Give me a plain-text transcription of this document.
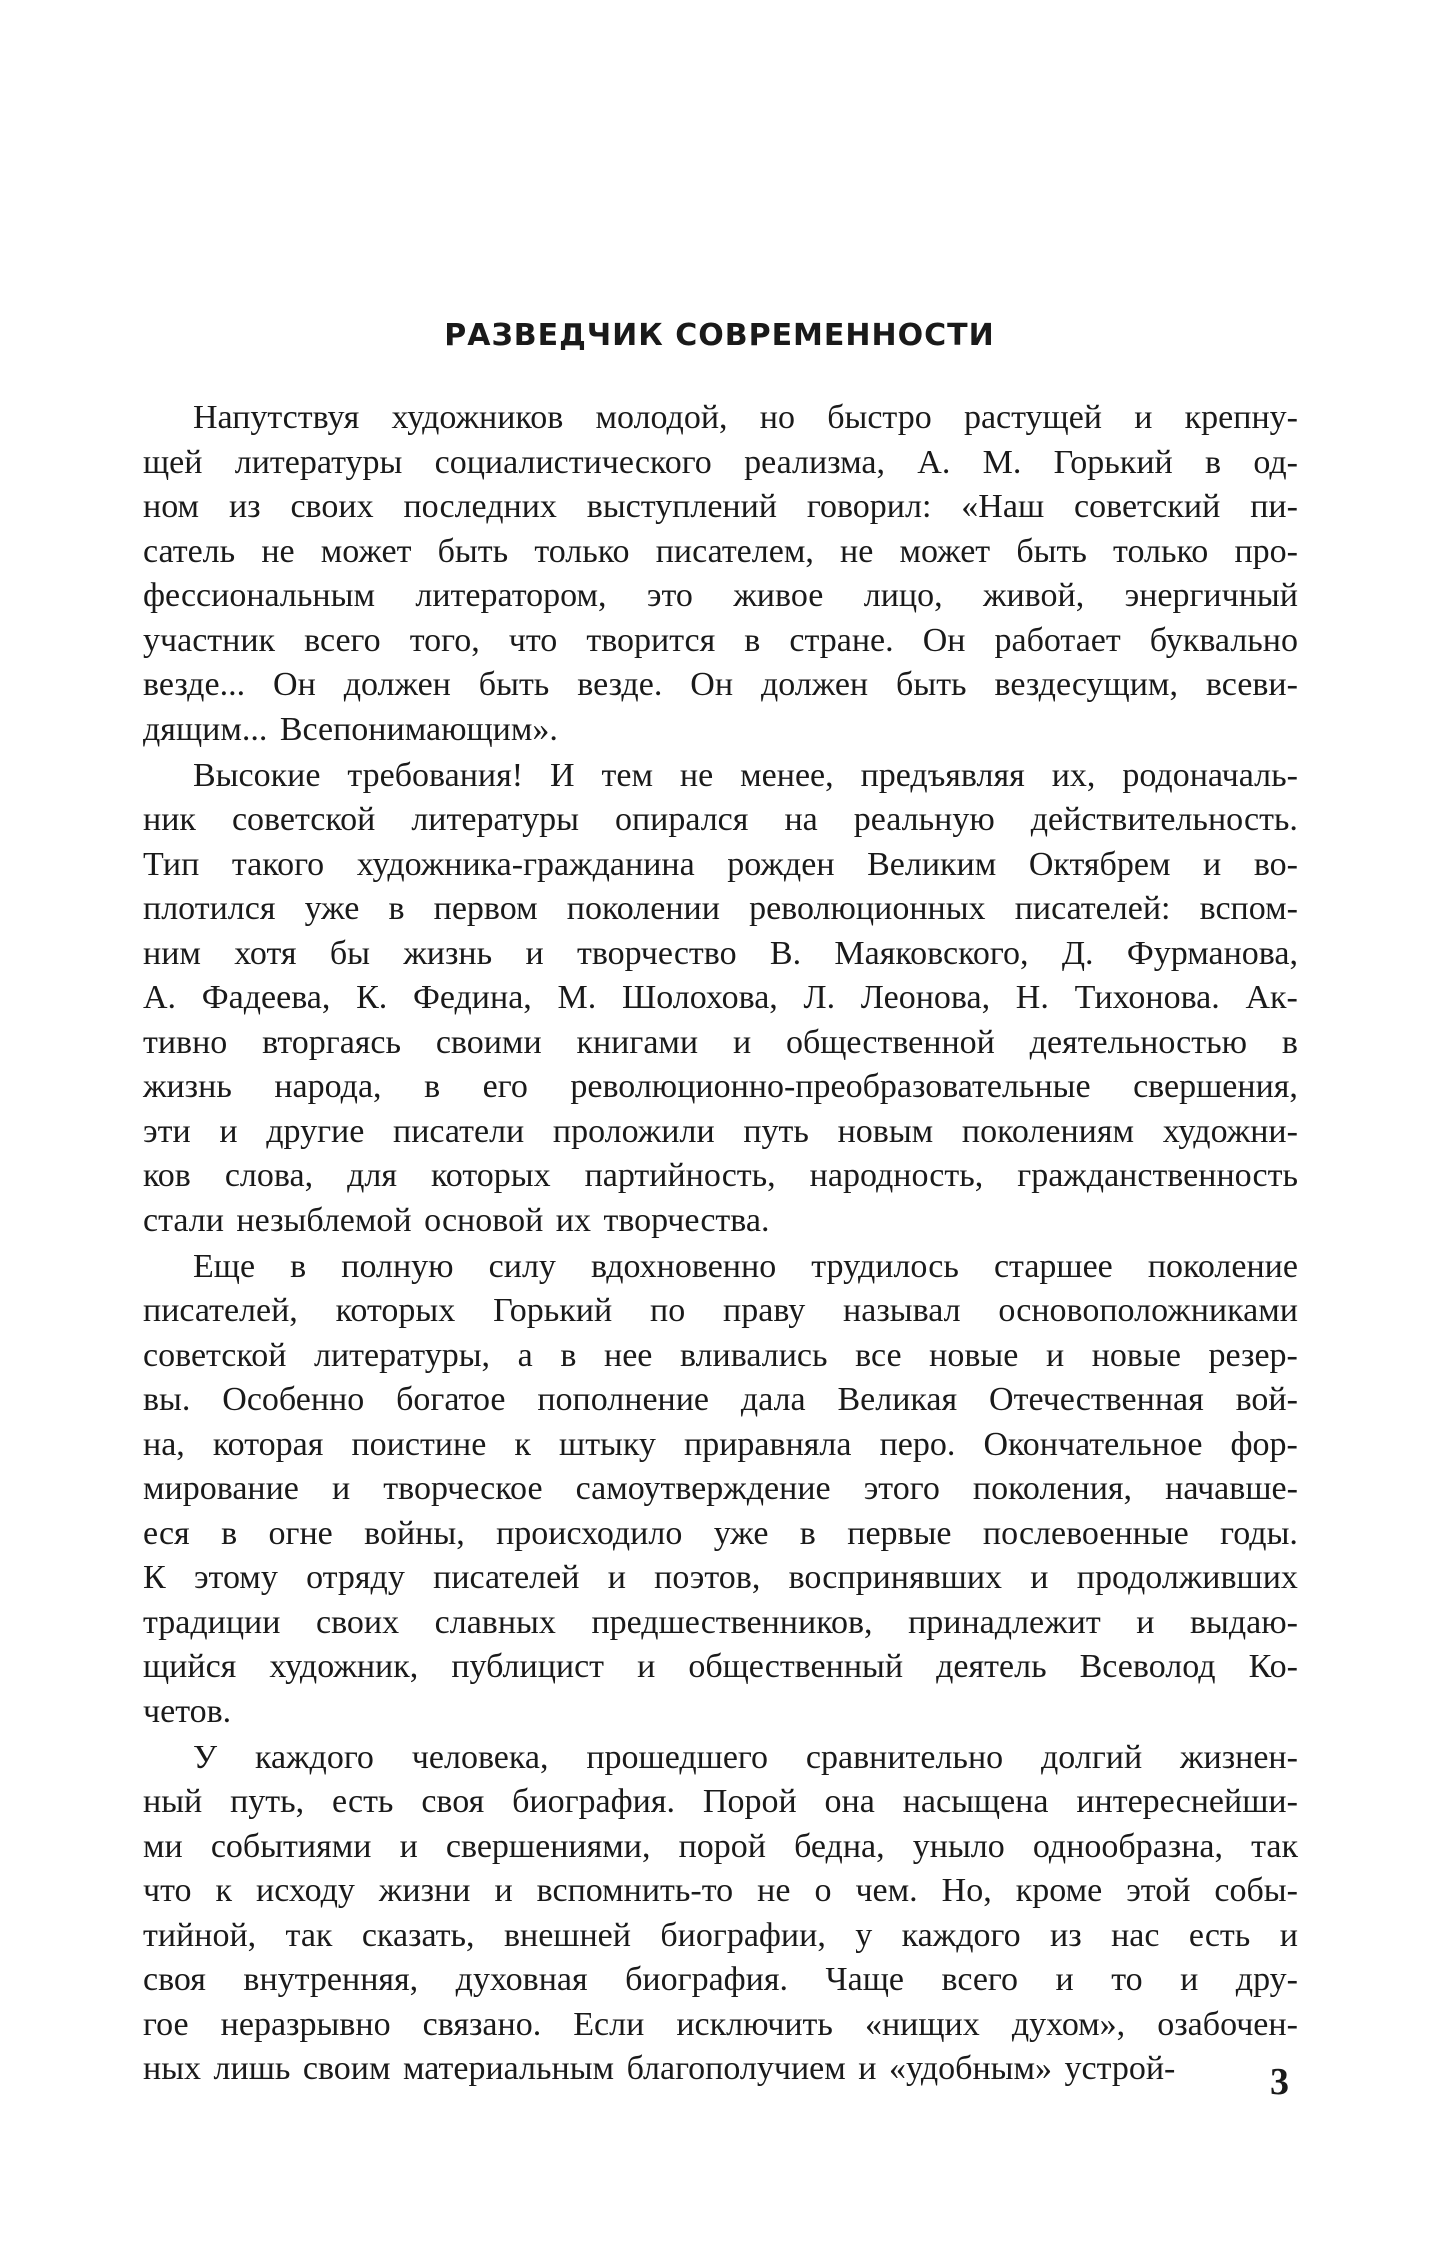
РАЗВЕДЧИК СОВРЕМЕННОСТИ
Напутствуя художников молодой, но быстро растущей и крепну-
щей литературы социалистического реализма, А. М. Горький в од-
ном из своих последних выступлений говорил: «Наш советский пи-
сатель не может быть только писателем, не может быть только про-
фессиональным литератором, это живое лицо, живой, энергичный
участник всего того, что творится в стране. Он работает буквально
везде... Он должен быть везде. Он должен быть вездесущим, всеви-
дящим... Всепонимающим».
Высокие требования! И тем не менее, предъявляя их, родоначаль-
ник советской литературы опирался на реальную действительность.
Тип такого художника-гражданина рожден Великим Октябрем и во-
плотился уже в первом поколении революционных писателей: вспом-
ним хотя бы жизнь и творчество В. Маяковского, Д. Фурманова,
А. Фадеева, К. Федина, М. Шолохова, Л. Леонова, Н. Тихонова. Ак-
тивно вторгаясь своими книгами и общественной деятельностью в
жизнь народа, в его революционно-преобразовательные свершения,
эти и другие писатели проложили путь новым поколениям художни-
ков слова, для которых партийность, народность, гражданственность
стали незыблемой основой их творчества.
Еще в полную силу вдохновенно трудилось старшее поколение
писателей, которых Горький по праву называл основоположниками
советской литературы, а в нее вливались все новые и новые резер-
вы. Особенно богатое пополнение дала Великая Отечественная вой-
на, которая поистине к штыку приравняла перо. Окончательное фор-
мирование и творческое самоутверждение этого поколения, начавше-
еся в огне войны, происходило уже в первые послевоенные годы.
К этому отряду писателей и поэтов, воспринявших и продолживших
традиции своих славных предшественников, принадлежит и выдаю-
щийся художник, публицист и общественный деятель Всеволод Ко-
четов.
У каждого человека, прошедшего сравнительно долгий жизнен-
ный путь, есть своя биография. Порой она насыщена интереснейши-
ми событиями и свершениями, порой бедна, уныло однообразна, так
что к исходу жизни и вспомнить-то не о чем. Но, кроме этой собы-
тийной, так сказать, внешней биографии, у каждого из нас есть и
своя внутренняя, духовная биография. Чаще всего и то и дру-
гое неразрывно связано. Если исключить «нищих духом», озабочен-
ных лишь своим материальным благополучием и «удобным» устрой-	3
